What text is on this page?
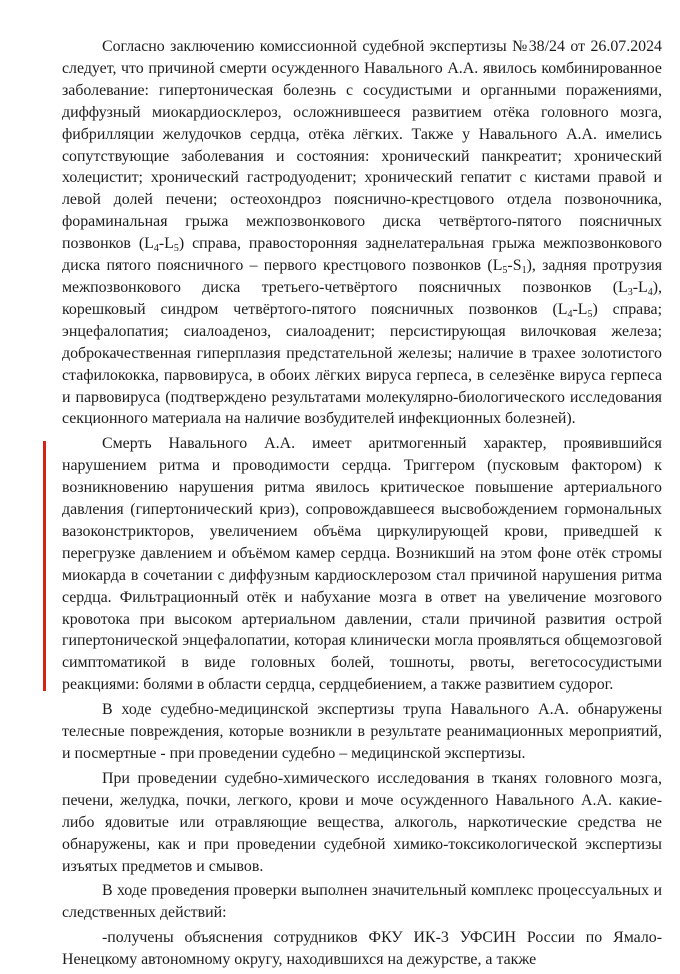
Согласно заключению комиссионной судебной экспертизы №38/24 от 26.07.2024 следует, что причиной смерти осужденного Навального А.А. явилось комбинированное заболевание: гипертоническая болезнь с сосудистыми и органными поражениями, диффузный миокардиосклероз, осложнившееся развитием отёка головного мозга, фибрилляции желудочков сердца, отёка лёгких. Также у Навального А.А. имелись сопутствующие заболевания и состояния: хронический панкреатит; хронический холецистит; хронический гастродуоденит; хронический гепатит с кистами правой и левой долей печени; остеохондроз пояснично-крестцового отдела позвоночника, фораминальная грыжа межпозвонкового диска четвёртого-пятого поясничных позвонков $(L_4-L_5)$ справа, правосторонняя заднелатеральная грыжа межпозвонкового диска пятого поясничного – первого крестцового позвонков $(L_5-S_1)$, задняя протрузия межпозвонкового диска третьего-четвёртого поясничных позвонков $(L_3-L_4)$, корешковый синдром четвёртого-пятого поясничных позвонков $(L_4-L_5)$ справа; энцефалопатия; сиалоаденоз, сиалоаденит; персистирующая вилочковая железа; доброкачественная гиперплазия предстательной железы; наличие в трахее золотистого стафилококка, парвовируса, в обоих лёгких вируса герпеса, в селезёнке вируса герпеса и парвовируса (подтверждено результатами молекулярно-биологического исследования секционного материала на наличие возбудителей инфекционных болезней).

Смерть Навального А.А. имеет аритмогенный характер, проявившийся нарушением ритма и проводимости сердца. Триггером (пусковым фактором) к возникновению нарушения ритма явилось критическое повышение артериального давления (гипертонический криз), сопровождавшееся высвобождением гормональных вазоконстрикторов, увеличением объёма циркулирующей крови, приведшей к перегрузке давлением и объёмом камер сердца. Возникший на этом фоне отёк стромы миокарда в сочетании с диффузным кардиосклерозом стал причиной нарушения ритма сердца. Фильтрационный отёк и набухание мозга в ответ на увеличение мозгового кровотока при высоком артериальном давлении, стали причиной развития острой гипертонической энцефалопатии, которая клинически могла проявляться общемозговой симптоматикой в виде головных болей, тошноты, рвоты, вегетососудистыми реакциями: болями в области сердца, сердцебиением, а также развитием судорог.

В ходе судебно-медицинской экспертизы трупа Навального А.А. обнаружены телесные повреждения, которые возникли в результате реанимационных мероприятий, и посмертные - при проведении судебно – медицинской экспертизы.

При проведении судебно-химического исследования в тканях головного мозга, печени, желудка, почки, легкого, крови и моче осужденного Навального А.А. какие-либо ядовитые или отравляющие вещества, алкоголь, наркотические средства не обнаружены, как и при проведении судебной химико-токсикологической экспертизы изъятых предметов и смывов.

В ходе проведения проверки выполнен значительный комплекс процессуальных и следственных действий:

-получены объяснения сотрудников ФКУ ИК-3 УФСИН России по Ямало-Ненецкому автономному округу, находившихся на дежурстве, а также
